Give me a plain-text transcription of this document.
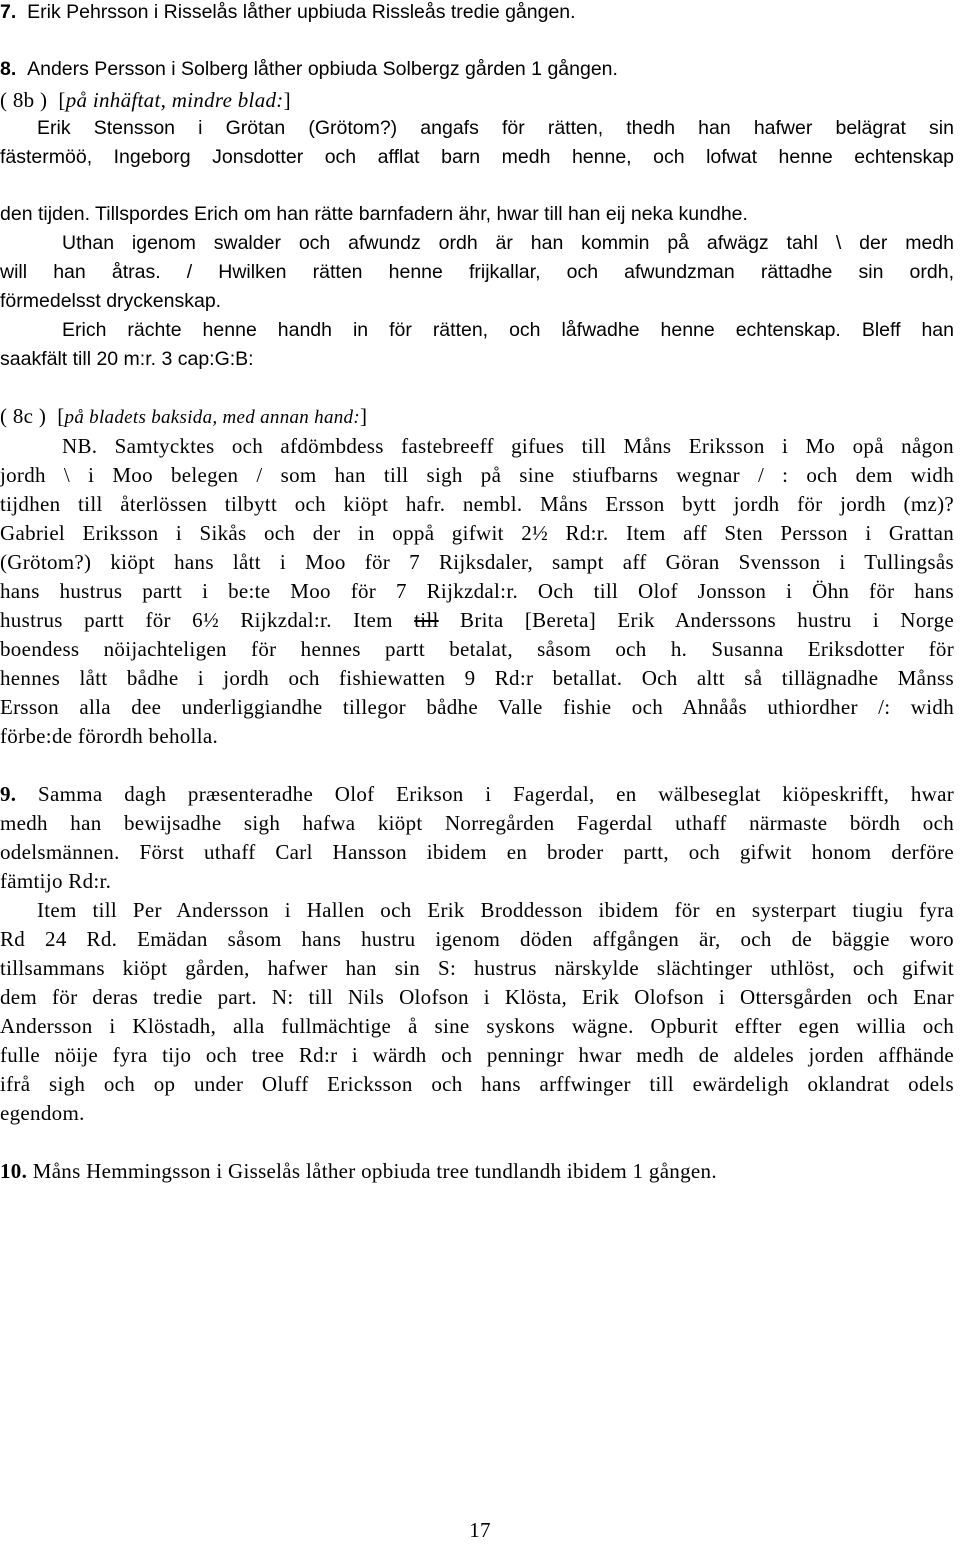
7. Erik Pehrsson i Risselås låther upbiuda Rissleås tredie gången.
8. Anders Persson i Solberg låther opbiuda Solbergz gården 1 gången.
( 8b ) [på inhäftat, mindre blad:]
Erik Stensson i Grötan (Grötom?) angafs för rätten, thedh han hafwer belägrat sin
fästermöö, Ingeborg Jonsdotter och afflat barn medh henne, och lofwat henne echtenskap
den tijden. Tillspordes Erich om han rätte barnfadern ähr, hwar till han eij neka kundhe.
Uthan igenom swalder och afwundz ordh är han kommin på afwägz tahl \ der medh
will han åtras. / Hwilken rätten henne frijkallar, och afwundzman rättadhe sin ordh,
förmedelsst dryckenskap.
Erich rächte henne handh in för rätten, och låfwadhe henne echtenskap. Bleff han
saakfält till 20 m:r. 3 cap:G:B:
( 8c ) [på bladets baksida, med annan hand:]
NB. Samtycktes och afdömbdess fastebreeff gifues till Måns Eriksson i Mo opå någon
jordh \ i Moo belegen / som han till sigh på sine stiufbarns wegnar / : och dem widh
tijdhen till återlössen tilbytt och kiöpt hafr. nembl. Måns Ersson bytt jordh för jordh (mz)?
Gabriel Eriksson i Sikås och der in oppå gifwit 2½ Rd:r. Item aff Sten Persson i Grattan
(Grötom?) kiöpt hans lått i Moo för 7 Rijksdaler, sampt aff Göran Svensson i Tullingsås
hans hustrus partt i be:te Moo för 7 Rijkzdal:r. Och till Olof Jonsson i Öhn för hans
hustrus partt för 6½ Rijkzdal:r. Item till Brita [Bereta] Erik Anderssons hustru i Norge
boendess nöijachteligen för hennes partt betalat, såsom och h. Susanna Eriksdotter för
hennes lått bådhe i jordh och fishiewatten 9 Rd:r betallat. Och altt så tillägnadhe Månss
Ersson alla dee underliggiandhe tillegor bådhe Valle fishie och Ahnåås uthiordher /: widh
förbe:de förordh beholla.
9. Samma dagh præsenteradhe Olof Erikson i Fagerdal, en wälbeseglat kiöpeskrifft, hwar
medh han bewijsadhe sigh hafwa kiöpt Norregården Fagerdal uthaff närmaste bördh och
odelsmännen. Först uthaff Carl Hansson ibidem en broder partt, och gifwit honom derföre
fämtijo Rd:r.
Item till Per Andersson i Hallen och Erik Broddesson ibidem för en systerpart tiugiu fyra
Rd 24 Rd. Emädan såsom hans hustru igenom döden affgången är, och de bäggie woro
tillsammans kiöpt gården, hafwer han sin S: hustrus närskylde slächtinger uthlöst, och gifwit
dem för deras tredie part. N: till Nils Olofson i Klösta, Erik Olofson i Ottersgården och Enar
Andersson i Klöstadh, alla fullmächtige å sine syskons wägne. Opburit effter egen willia och
fulle nöije fyra tijo och tree Rd:r i wärdh och penningr hwar medh de aldeles jorden affhände
ifrå sigh och op under Oluff Ericksson och hans arffwinger till ewärdeligh oklandrat odels
egendom.
10. Måns Hemmingsson i Gisselås låther opbiuda tree tundlandh ibidem 1 gången.
17
